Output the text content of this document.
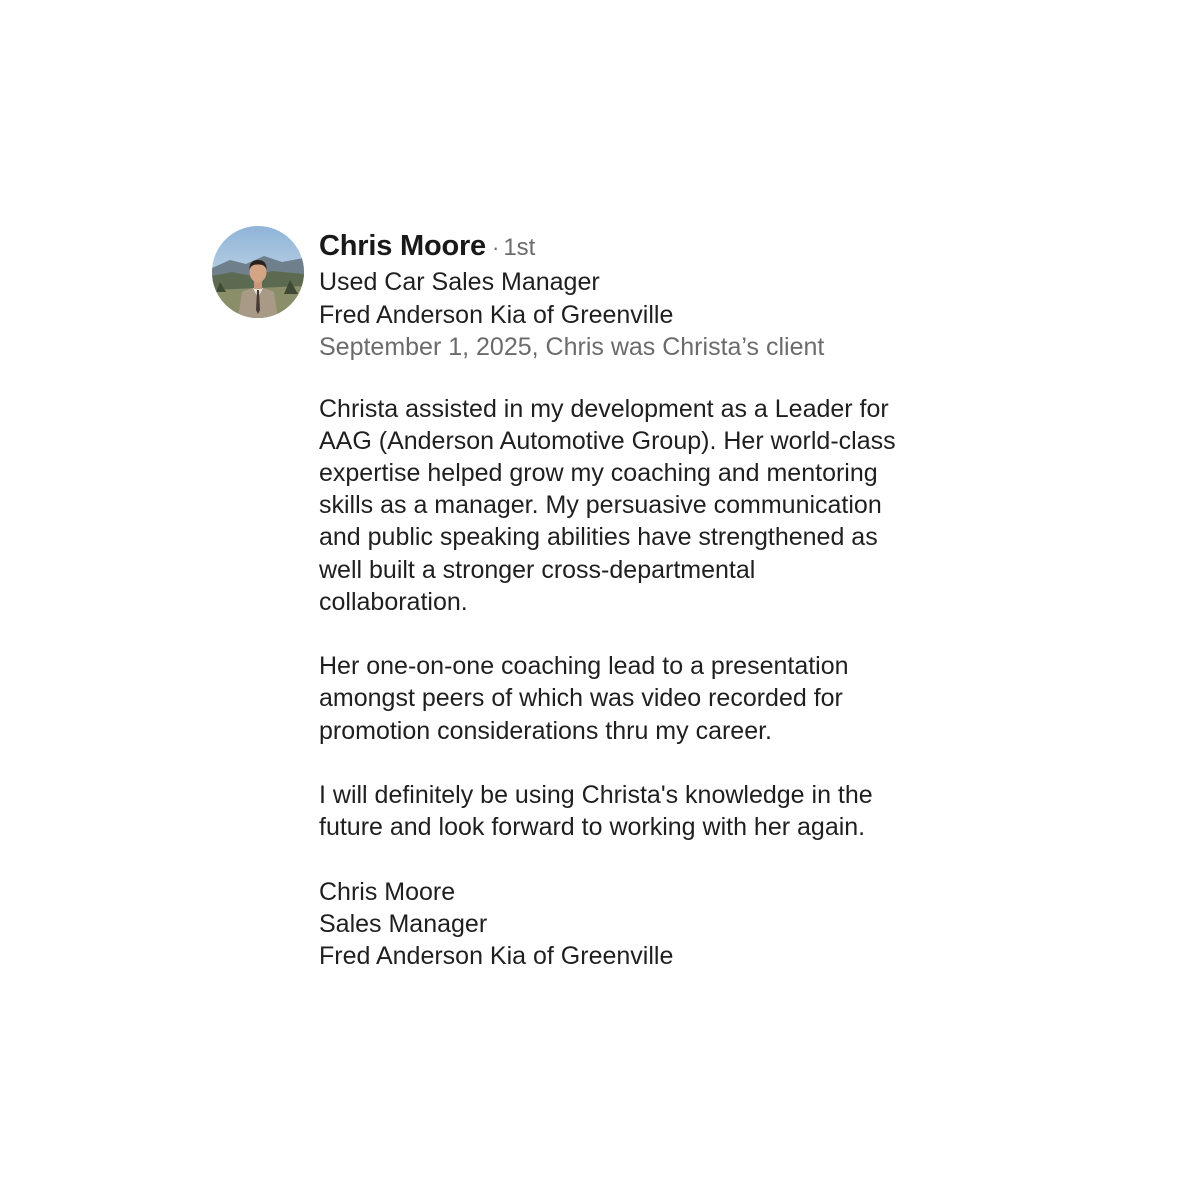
Chris Moore · 1st
Used Car Sales Manager
Fred Anderson Kia of Greenville
September 1, 2025, Chris was Christa’s client

Christa assisted in my development as a Leader for
AAG (Anderson Automotive Group). Her world-class
expertise helped grow my coaching and mentoring
skills as a manager. My persuasive communication
and public speaking abilities have strengthened as
well built a stronger cross-departmental
collaboration.

Her one-on-one coaching lead to a presentation
amongst peers of which was video recorded for
promotion considerations thru my career.

I will definitely be using Christa's knowledge in the
future and look forward to working with her again.

Chris Moore
Sales Manager
Fred Anderson Kia of Greenville
